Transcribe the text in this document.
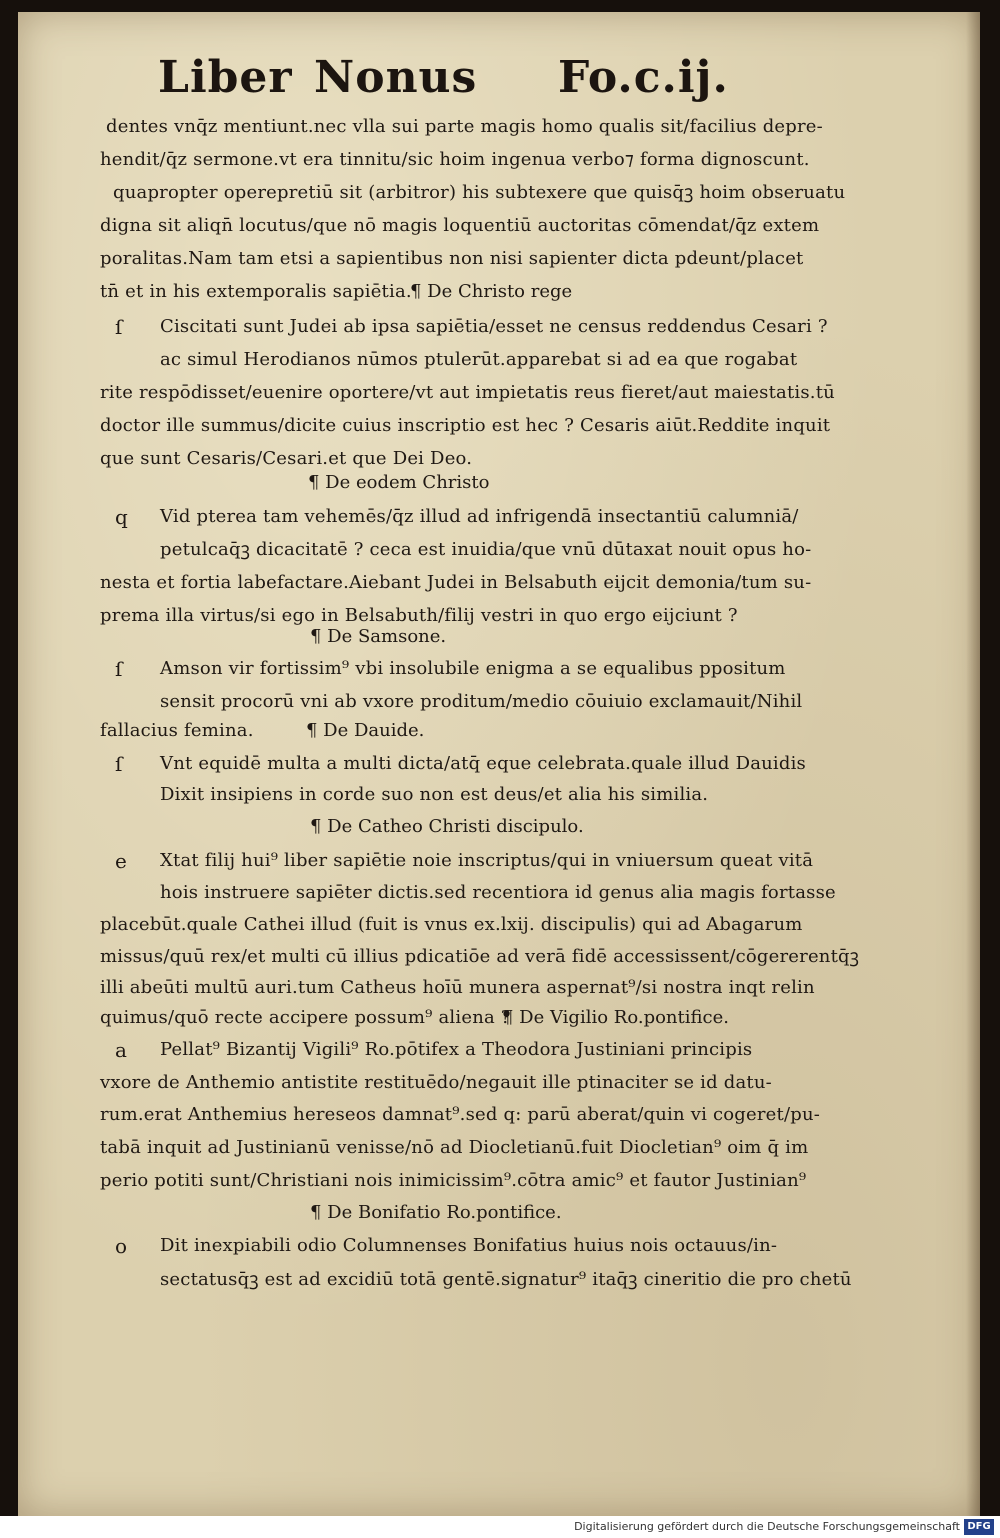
Liber Nonus Fo.c.ij.
dentes vnq̄z mentiunt.nec vlla sui parte magis homo qualis sit/facilius depre-
hendit/q̄z sermone.vt era tinnitu/sic hoim ingenua verbo⁊ forma dignoscunt.
quapropter operepretiū sit (arbitror) his subtexere que quisq̄ꝫ hoim obseruatu
digna sit aliqn̄ locutus/que nō magis loquentiū auctoritas cōmendat/q̄z extem
poralitas.Nam tam etsi a sapientibus non nisi sapienter dicta pdeunt/placet
tn̄ et in his extemporalis sapiētia.
¶ De Christo rege
ſ	Ciscitati sunt Judei ab ipsa sapiētia/esset ne census reddendus Cesari ?
ac simul Herodianos nūmos ptulerūt.apparebat si ad ea que rogabat
rite respōdisset/euenire oportere/vt aut impietatis reus fieret/aut maiestatis.tū
doctor ille summus/dicite cuius inscriptio est hec ? Cesaris aiūt.Reddite inquit
que sunt Cesaris/Cesari.et que Dei Deo.
¶ De eodem Christo
q	Vid pterea tam vehemēs/q̄z illud ad infrigendā insectantiū calumniā/
petulcaq̄ꝫ dicacitatē ? ceca est inuidia/que vnū dūtaxat nouit opus ho-
nesta et fortia labefactare.Aiebant Judei in Belsabuth eijcit demonia/tum su-
prema illa virtus/si ego in Belsabuth/filij vestri in quo ergo eijciunt ?
¶ De Samsone.
ſ	Amson vir fortissim⁹ vbi insolubile enigma a se equalibus ppositum
sensit procorū vni ab vxore proditum/medio cōuiuio exclamauit/Nihil
fallacius femina.	¶ De Dauide.
ſ	Vnt equidē multa a multi dicta/atq̄ eque celebrata.quale illud Dauidis
Dixit insipiens in corde suo non est deus/et alia his similia.
¶ De Catheo Christi discipulo.
e	Xtat filij hui⁹ liber sapiētie noie inscriptus/qui in vniuersum queat vitā
hois instruere sapiēter dictis.sed recentiora id genus alia magis fortasse
placebūt.quale Cathei illud (fuit is vnus ex.lxij. discipulis) qui ad Abagarum
missus/quū rex/et multi cū illius pdicatiōe ad verā fidē accessissent/cōgererentq̄ꝫ
illi abeūti multū auri.tum Catheus hoīū munera aspernat⁹/si nostra inqt relin
quimus/quō recte accipere possum⁹ aliena ?
¶ De Vigilio Ro.pontifice.
a	Pellat⁹ Bizantij Vigili⁹ Ro.pōtifex a Theodora Justiniani principis
vxore de Anthemio antistite restituēdo/negauit ille ptinaciter se id datu-
rum.erat Anthemius hereseos damnat⁹.sed q: parū aberat/quin vi cogeret/pu-
tabā inquit ad Justinianū venisse/nō ad Diocletianū.fuit Diocletian⁹ oim q̄ im
perio potiti sunt/Christiani nois inimicissim⁹.cōtra amic⁹ et fautor Justinian⁹
¶ De Bonifatio Ro.pontifice.
o	Dit inexpiabili odio Columnenses Bonifatius huius nois octauus/in-
sectatusq̄ꝫ est ad excidiū totā gentē.signatur⁹ itaq̄ꝫ cineritio die pro chetū
Digitalisierung gefördert durch die Deutsche Forschungsgemeinschaft DFG
